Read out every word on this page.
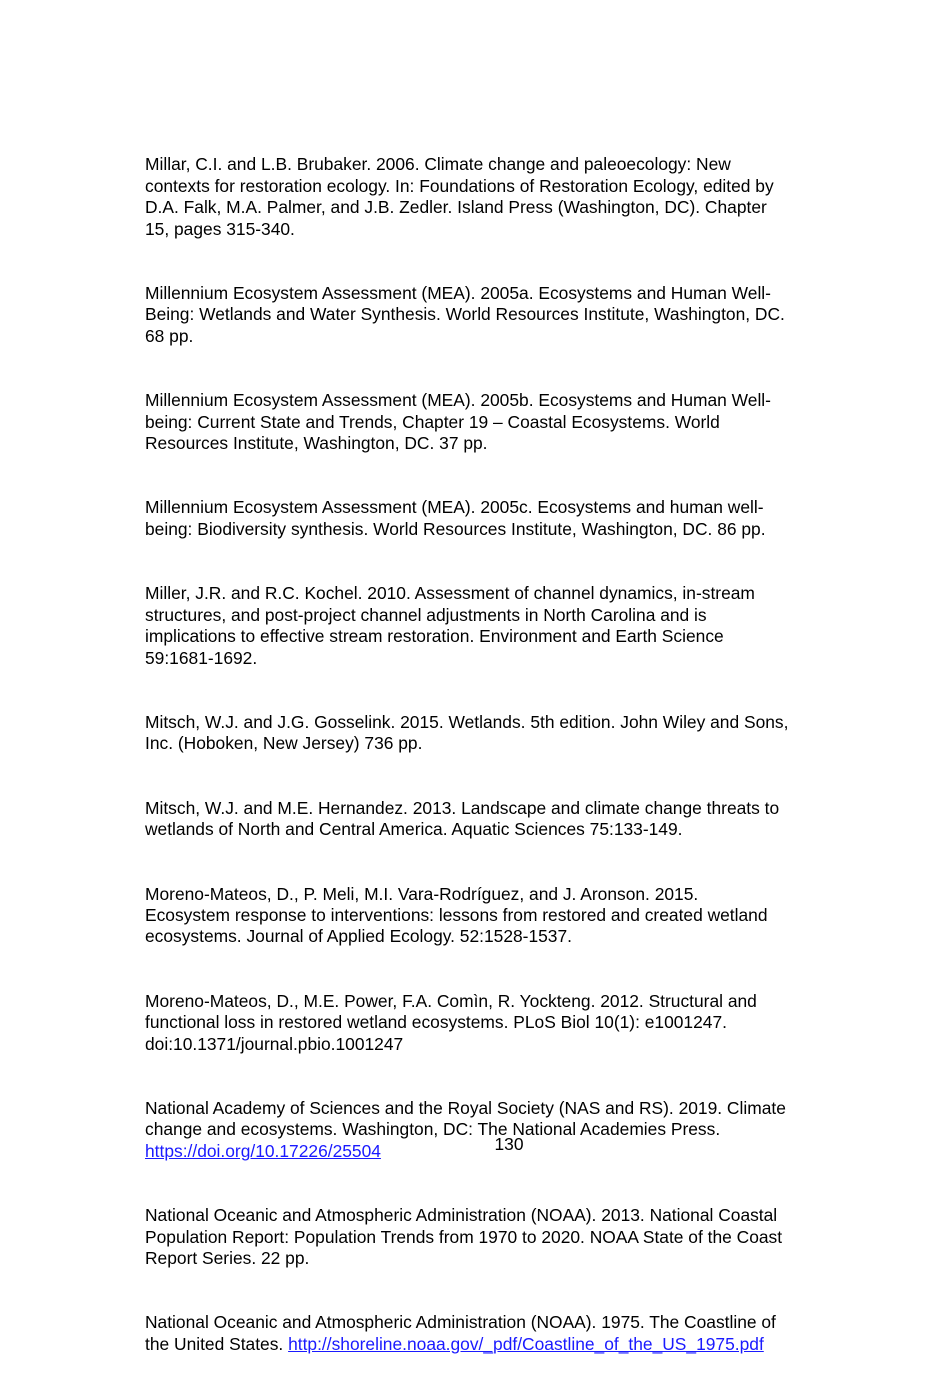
Millar, C.I. and L.B. Brubaker. 2006. Climate change and paleoecology: New
contexts for restoration ecology. In: Foundations of Restoration Ecology, edited by
D.A. Falk, M.A. Palmer, and J.B. Zedler. Island Press (Washington, DC). Chapter
15, pages 315-340.

Millennium Ecosystem Assessment (MEA). 2005a. Ecosystems and Human Well-
Being: Wetlands and Water Synthesis. World Resources Institute, Washington, DC.
68 pp.

Millennium Ecosystem Assessment (MEA). 2005b. Ecosystems and Human Well-
being: Current State and Trends, Chapter 19 – Coastal Ecosystems. World
Resources Institute, Washington, DC. 37 pp.

Millennium Ecosystem Assessment (MEA). 2005c. Ecosystems and human well-
being: Biodiversity synthesis. World Resources Institute, Washington, DC. 86 pp.

Miller, J.R. and R.C. Kochel. 2010. Assessment of channel dynamics, in-stream
structures, and post-project channel adjustments in North Carolina and is
implications to effective stream restoration. Environment and Earth Science
59:1681-1692.

Mitsch, W.J. and J.G. Gosselink. 2015. Wetlands. 5th edition. John Wiley and Sons,
Inc. (Hoboken, New Jersey) 736 pp.

Mitsch, W.J. and M.E. Hernandez. 2013. Landscape and climate change threats to
wetlands of North and Central America. Aquatic Sciences 75:133-149.

Moreno-Mateos, D., P. Meli, M.I. Vara-Rodríguez, and J. Aronson. 2015.
Ecosystem response to interventions: lessons from restored and created wetland
ecosystems. Journal of Applied Ecology. 52:1528-1537.

Moreno-Mateos, D., M.E. Power, F.A. Comìn, R. Yockteng. 2012. Structural and
functional loss in restored wetland ecosystems. PLoS Biol 10(1): e1001247.
doi:10.1371/journal.pbio.1001247

National Academy of Sciences and the Royal Society (NAS and RS). 2019. Climate
change and ecosystems. Washington, DC: The National Academies Press.
https://doi.org/10.17226/25504

National Oceanic and Atmospheric Administration (NOAA). 2013. National Coastal
Population Report: Population Trends from 1970 to 2020. NOAA State of the Coast
Report Series. 22 pp.

National Oceanic and Atmospheric Administration (NOAA). 1975. The Coastline of
the United States. http://shoreline.noaa.gov/_pdf/Coastline_of_the_US_1975.pdf

130
